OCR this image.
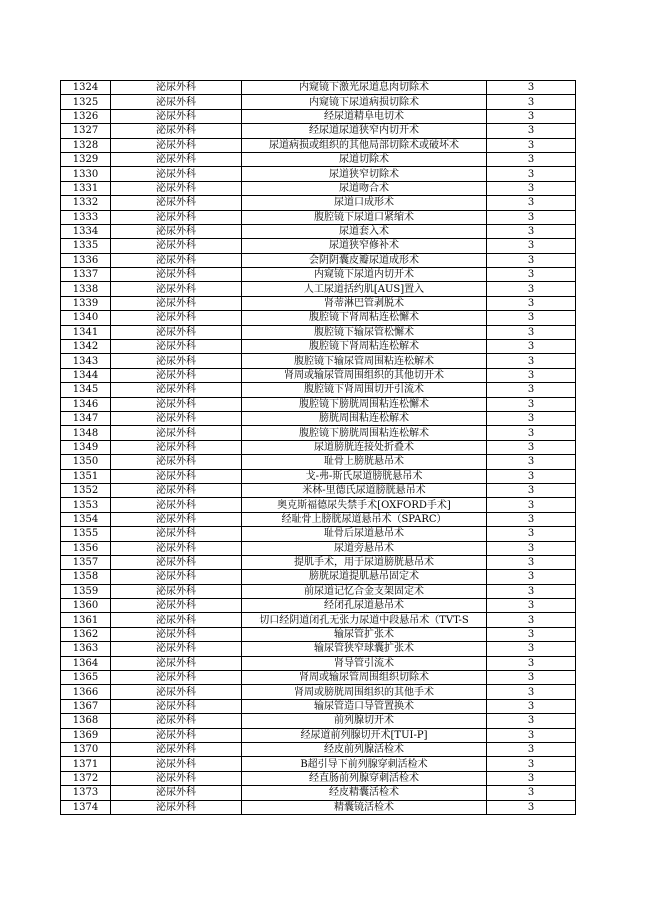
1324	泌尿外科	内窥镜下激光尿道息肉切除术	3
1325	泌尿外科	内窥镜下尿道病损切除术	3
1326	泌尿外科	经尿道精阜电切术	3
1327	泌尿外科	经尿道尿道狭窄内切开术	3
1328	泌尿外科	尿道病损或组织的其他局部切除术或破坏术	3
1329	泌尿外科	尿道切除术	3
1330	泌尿外科	尿道狭窄切除术	3
1331	泌尿外科	尿道吻合术	3
1332	泌尿外科	尿道口成形术	3
1333	泌尿外科	腹腔镜下尿道口紧缩术	3
1334	泌尿外科	尿道套入术	3
1335	泌尿外科	尿道狭窄修补术	3
1336	泌尿外科	会阴阴囊皮瓣尿道成形术	3
1337	泌尿外科	内窥镜下尿道内切开术	3
1338	泌尿外科	人工尿道括约肌[AUS]置入	3
1339	泌尿外科	肾蒂淋巴管剥脱术	3
1340	泌尿外科	腹腔镜下肾周粘连松懈术	3
1341	泌尿外科	腹腔镜下输尿管松懈术	3
1342	泌尿外科	腹腔镜下肾周粘连松解术	3
1343	泌尿外科	腹腔镜下输尿管周围粘连松解术	3
1344	泌尿外科	肾周或输尿管周围组织的其他切开术	3
1345	泌尿外科	腹腔镜下肾周围切开引流术	3
1346	泌尿外科	腹腔镜下膀胱周围粘连松懈术	3
1347	泌尿外科	膀胱周围粘连松解术	3
1348	泌尿外科	腹腔镜下膀胱周围粘连松解术	3
1349	泌尿外科	尿道膀胱连接处折叠术	3
1350	泌尿外科	耻骨上膀胱悬吊术	3
1351	泌尿外科	戈-弗-斯氏尿道膀胱悬吊术	3
1352	泌尿外科	米林-里德氏尿道膀胱悬吊术	3
1353	泌尿外科	奥克斯福德尿失禁手术[OXFORD手术]	3
1354	泌尿外科	经耻骨上膀胱尿道悬吊术（SPARC）	3
1355	泌尿外科	耻骨后尿道悬吊术	3
1356	泌尿外科	尿道旁悬吊术	3
1357	泌尿外科	提肌手术，用于尿道膀胱悬吊术	3
1358	泌尿外科	膀胱尿道提肌悬吊固定术	3
1359	泌尿外科	前尿道记忆合金支架固定术	3
1360	泌尿外科	经闭孔尿道悬吊术	3
1361	泌尿外科	切口经阴道闭孔无张力尿道中段悬吊术（TVT-S	3
1362	泌尿外科	输尿管扩张术	3
1363	泌尿外科	输尿管狭窄球囊扩张术	3
1364	泌尿外科	肾导管引流术	3
1365	泌尿外科	肾周或输尿管周围组织切除术	3
1366	泌尿外科	肾周或膀胱周围组织的其他手术	3
1367	泌尿外科	输尿管造口导管置换术	3
1368	泌尿外科	前列腺切开术	3
1369	泌尿外科	经尿道前列腺切开术[TUI-P]	3
1370	泌尿外科	经皮前列腺活检术	3
1371	泌尿外科	B超引导下前列腺穿刺活检术	3
1372	泌尿外科	经直肠前列腺穿刺活检术	3
1373	泌尿外科	经皮精囊活检术	3
1374	泌尿外科	精囊镜活检术	3
